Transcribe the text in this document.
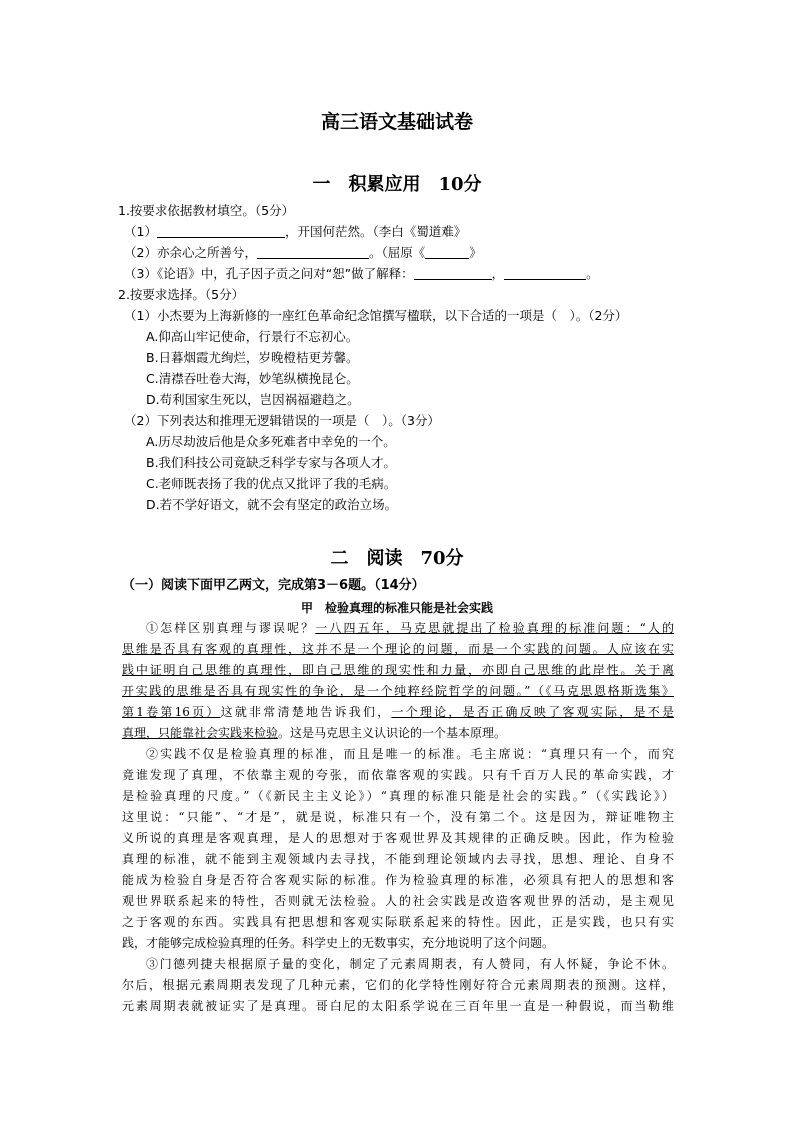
高三语文基础试卷
一　积累应用　10分
1.按要求依据教材填空。（5分）
（1）	，开国何茫然。（李白《蜀道难》
（2）亦余心之所善兮，	。（屈原《	》
（3）《论语》中，孔子因子贡之问对“恕”做了解释：	，	。
2.按要求选择。（5分）
（1）小杰要为上海新修的一座红色革命纪念馆撰写楹联，以下合适的一项是（　）。（2分）
A.仰高山牢记使命，行景行不忘初心。
B.日暮烟霞尤绚烂，岁晚橙桔更芳馨。
C.清襟吞吐卷大海，妙笔纵横挽昆仑。
D.苟利国家生死以，岂因祸福避趋之。
（2）下列表达和推理无逻辑错误的一项是（　）。（3分）
A.历尽劫波后他是众多死难者中幸免的一个。
B.我们科技公司竟缺乏科学专家与各项人才。
C.老师既表扬了我的优点又批评了我的毛病。
D.若不学好语文，就不会有坚定的政治立场。
二　阅读　70分
（一）阅读下面甲乙两文，完成第3－6题。（14分）
甲　检验真理的标准只能是社会实践
①怎样区别真理与谬误呢？一八四五年，马克思就提出了检验真理的标准问题：“人的
思维是否具有客观的真理性，这并不是一个理论的问题，而是一个实践的问题。人应该在实
践中证明自己思维的真理性，即自己思维的现实性和力量，亦即自己思维的此岸性。关于离
开实践的思维是否具有现实性的争论，是一个纯粹经院哲学的问题。”（《马克思恩格斯选集》
第1卷第16页）这就非常清楚地告诉我们，一个理论，是否正确反映了客观实际，是不是
真理，只能靠社会实践来检验。这是马克思主义认识论的一个基本原理。
②实践不仅是检验真理的标准，而且是唯一的标准。毛主席说：“真理只有一个，而究
竟谁发现了真理，不依靠主观的夸张，而依靠客观的实践。只有千百万人民的革命实践，才
是检验真理的尺度。”（《新民主主义论》）“真理的标准只能是社会的实践。”（《实践论》）
这里说：“只能”、“才是”，就是说，标准只有一个，没有第二个。这是因为，辩证唯物主
义所说的真理是客观真理，是人的思想对于客观世界及其规律的正确反映。因此，作为检验
真理的标准，就不能到主观领域内去寻找，不能到理论领域内去寻找，思想、理论、自身不
能成为检验自身是否符合客观实际的标准。作为检验真理的标准，必须具有把人的思想和客
观世界联系起来的特性，否则就无法检验。人的社会实践是改造客观世界的活动，是主观见
之于客观的东西。实践具有把思想和客观实际联系起来的特性。因此，正是实践，也只有实
践，才能够完成检验真理的任务。科学史上的无数事实，充分地说明了这个问题。
③门德列捷夫根据原子量的变化，制定了元素周期表，有人赞同，有人怀疑，争论不休。
尔后，根据元素周期表发现了几种元素，它们的化学特性刚好符合元素周期表的预测。这样，
元素周期表就被证实了是真理。哥白尼的太阳系学说在三百年里一直是一种假说，而当勒维
